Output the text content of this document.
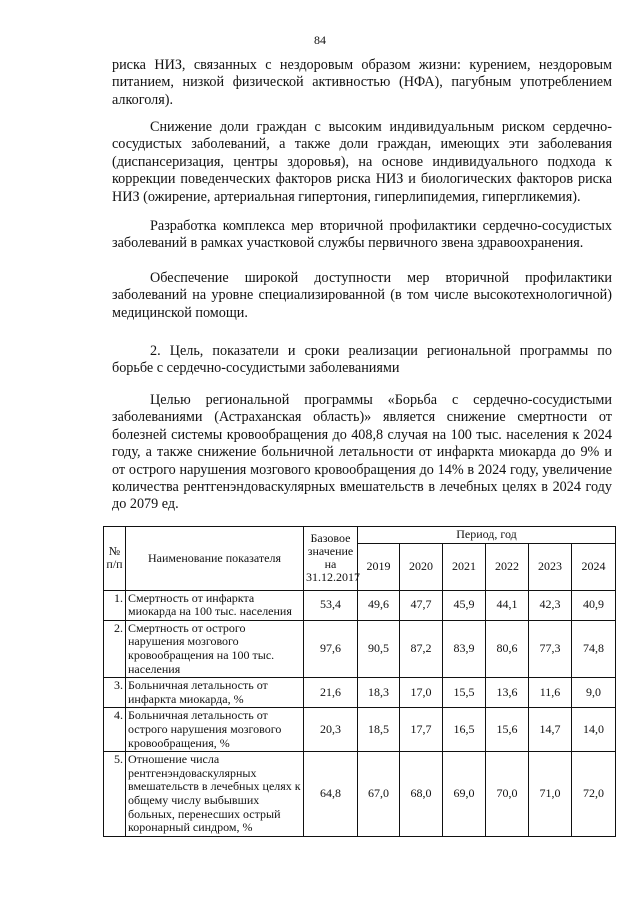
84

риска НИЗ, связанных с нездоровым образом жизни: курением, нездоровым питанием, низкой физической активностью (НФА), пагубным употреблением алкоголя).

Снижение доли граждан с высоким индивидуальным риском сердечно-сосудистых заболеваний, а также доли граждан, имеющих эти заболевания (диспансеризация, центры здоровья), на основе индивидуального подхода к коррекции поведенческих факторов риска НИЗ и биологических факторов риска НИЗ (ожирение, артериальная гипертония, гиперлипидемия, гипергликемия).

Разработка комплекса мер вторичной профилактики сердечно-сосудистых заболеваний в рамках участковой службы первичного звена здравоохранения.

Обеспечение широкой доступности мер вторичной профилактики заболеваний на уровне специализированной (в том числе высокотехнологичной) медицинской помощи.

2. Цель, показатели и сроки реализации региональной программы по борьбе с сердечно-сосудистыми заболеваниями

Целью региональной программы «Борьба с сердечно-сосудистыми заболеваниями (Астраханская область)» является снижение смертности от болезней системы кровообращения до 408,8 случая на 100 тыс. населения к 2024 году, а также снижение больничной летальности от инфаркта миокарда до 9% и от острого нарушения мозгового кровообращения до 14% в 2024 году, увеличение количества рентгенэндоваскулярных вмешательств в лечебных целях в 2024 году до 2079 ед.

№ п/п	Наименование показателя	Базовое значение на 31.12.2017	Период, год					
			2019	2020	2021	2022	2023	2024
1.	Смертность от инфаркта миокарда на 100 тыс. населения	53,4	49,6	47,7	45,9	44,1	42,3	40,9
2.	Смертность от острого нарушения мозгового кровообращения на 100 тыс. населения	97,6	90,5	87,2	83,9	80,6	77,3	74,8
3.	Больничная летальность от инфаркта миокарда, %	21,6	18,3	17,0	15,5	13,6	11,6	9,0
4.	Больничная летальность от острого нарушения мозгового кровообращения, %	20,3	18,5	17,7	16,5	15,6	14,7	14,0
5.	Отношение числа рентгенэндоваскулярных вмешательств в лечебных целях к общему числу выбывших больных, перенесших острый коронарный синдром, %	64,8	67,0	68,0	69,0	70,0	71,0	72,0
